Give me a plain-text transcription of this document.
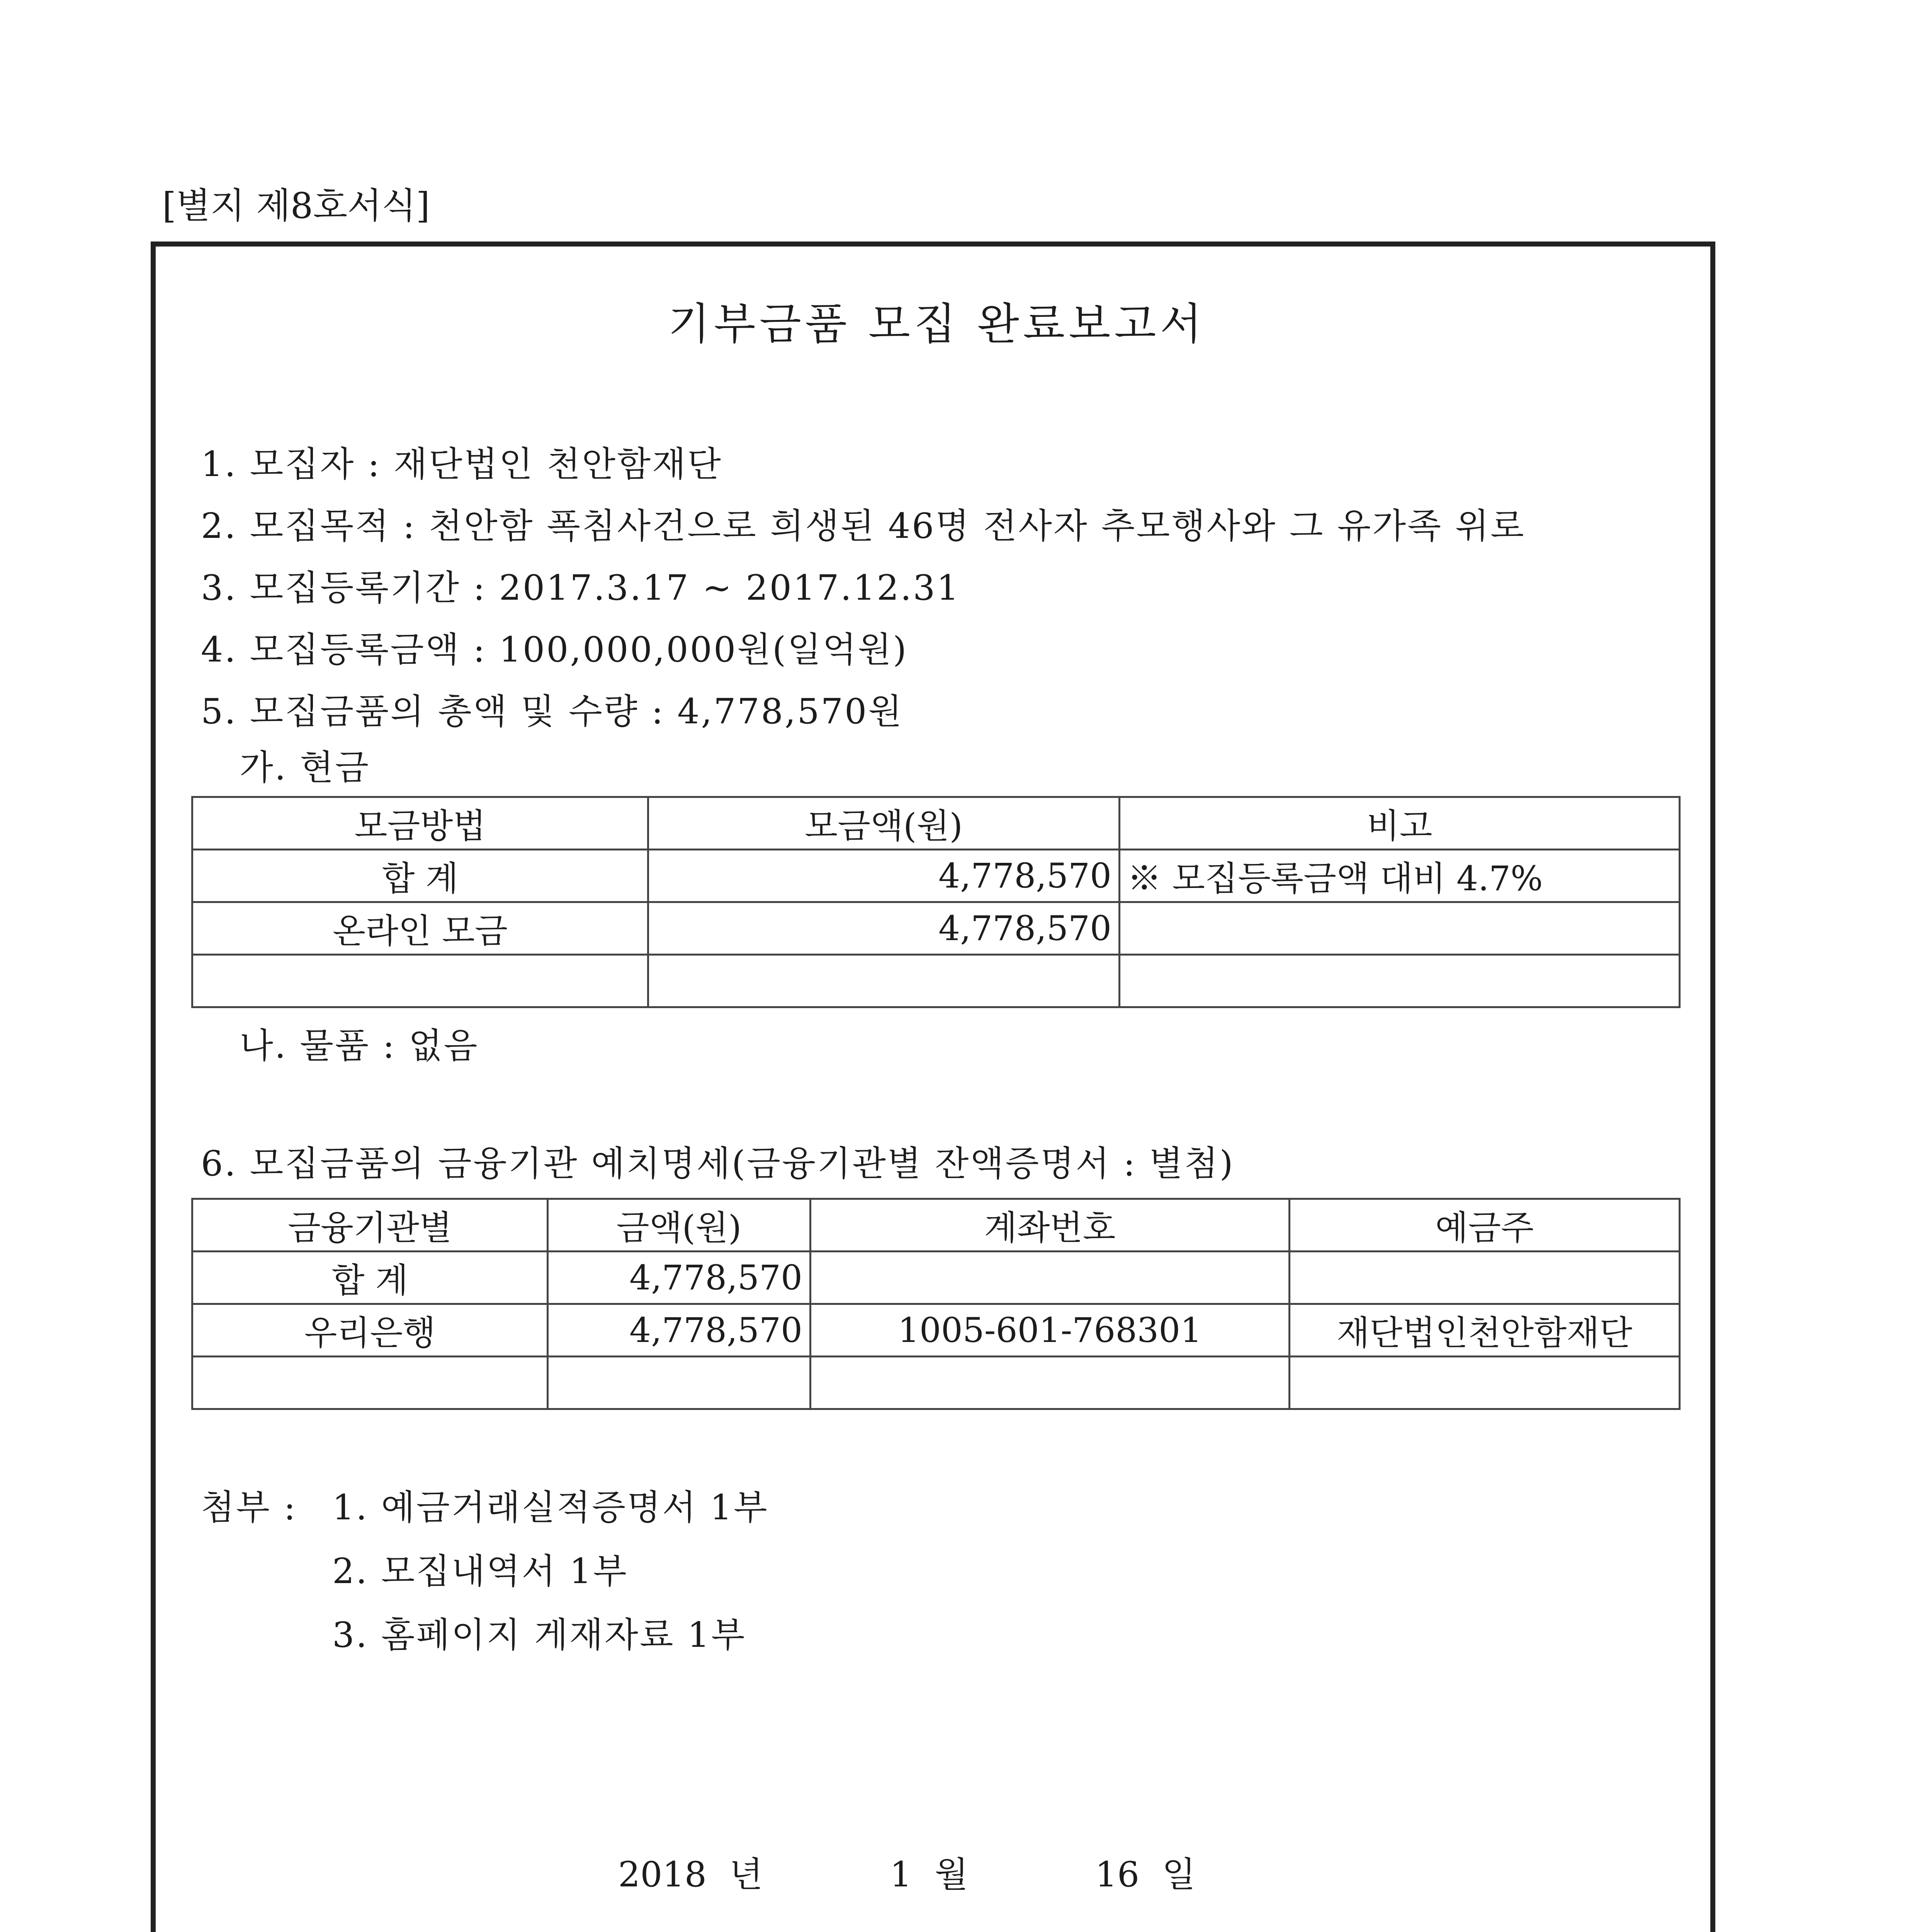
[별지 제8호서식]
기부금품 모집 완료보고서
1. 모집자 : 재단법인 천안함재단
2. 모집목적 : 천안함 폭침사건으로 희생된 46명 전사자 추모행사와 그 유가족 위로
3. 모집등록기간 : 2017.3.17 ~ 2017.12.31
4. 모집등록금액 : 100,000,000원(일억원)
5. 모집금품의 총액 및 수량 : 4,778,570원
가. 현금
모금방법	모금액(원)	비고
합 계	4,778,570	※ 모집등록금액 대비 4.7%
온라인 모금	4,778,570	

나. 물품 : 없음
6. 모집금품의 금융기관 예치명세(금융기관별 잔액증명서 : 별첨)
금융기관별	금액(원)	계좌번호	예금주
합 계	4,778,570		
우리은행	4,778,570	1005-601-768301	재단법인천안함재단

첨부 : 1. 예금거래실적증명서 1부
2. 모집내역서 1부
3. 홈페이지 게재자료 1부
2018 년	1 월	16 일
